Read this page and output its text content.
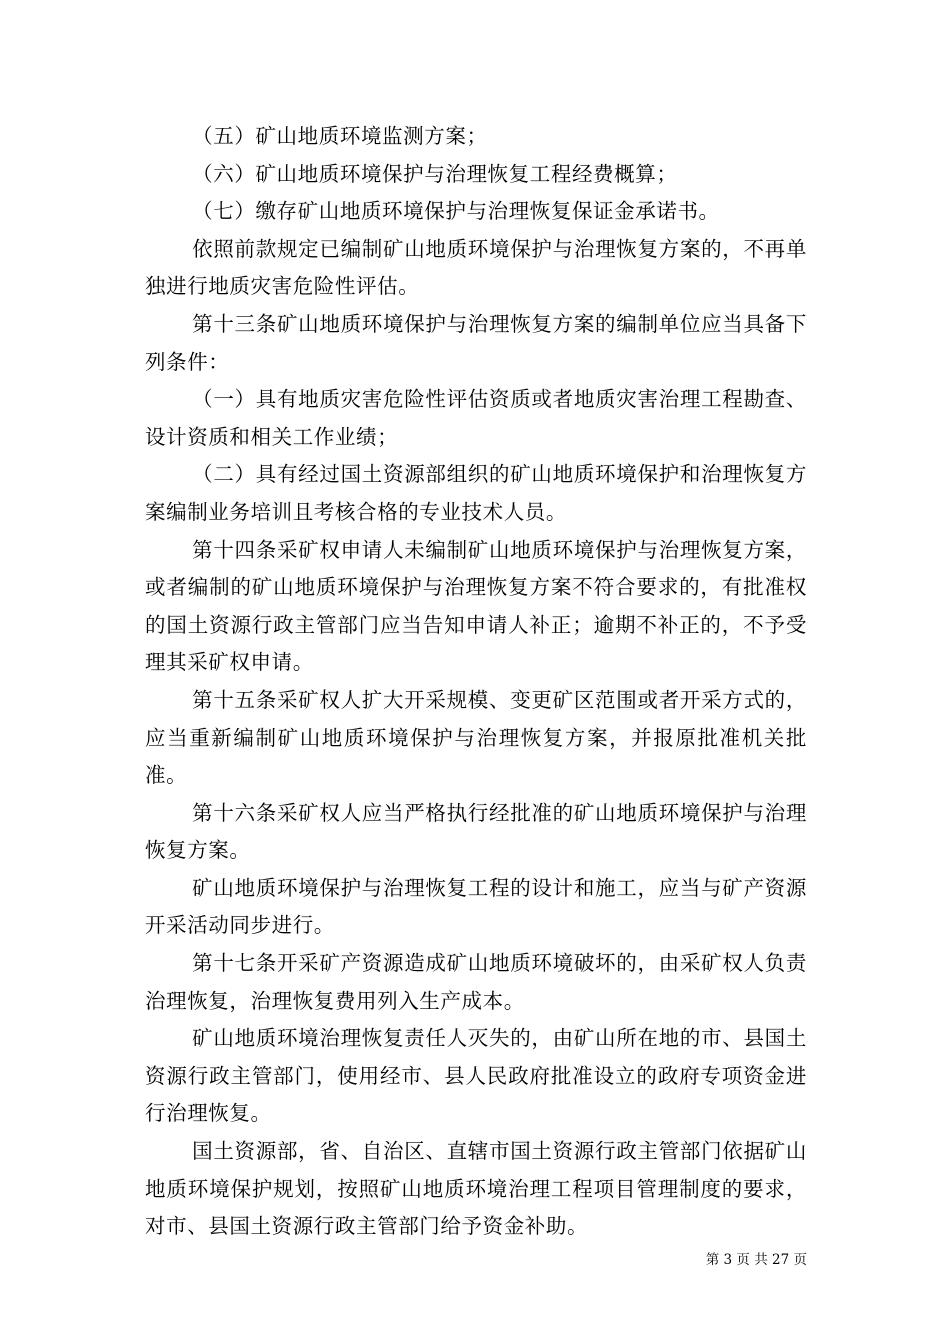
（五）矿山地质环境监测方案；

（六）矿山地质环境保护与治理恢复工程经费概算；

（七）缴存矿山地质环境保护与治理恢复保证金承诺书。

依照前款规定已编制矿山地质环境保护与治理恢复方案的，不再单独进行地质灾害危险性评估。

第十三条矿山地质环境保护与治理恢复方案的编制单位应当具备下列条件：

（一）具有地质灾害危险性评估资质或者地质灾害治理工程勘查、设计资质和相关工作业绩；

（二）具有经过国土资源部组织的矿山地质环境保护和治理恢复方案编制业务培训且考核合格的专业技术人员。

第十四条采矿权申请人未编制矿山地质环境保护与治理恢复方案，或者编制的矿山地质环境保护与治理恢复方案不符合要求的，有批准权的国土资源行政主管部门应当告知申请人补正；逾期不补正的，不予受理其采矿权申请。

第十五条采矿权人扩大开采规模、变更矿区范围或者开采方式的，应当重新编制矿山地质环境保护与治理恢复方案，并报原批准机关批准。

第十六条采矿权人应当严格执行经批准的矿山地质环境保护与治理恢复方案。

矿山地质环境保护与治理恢复工程的设计和施工，应当与矿产资源开采活动同步进行。

第十七条开采矿产资源造成矿山地质环境破坏的，由采矿权人负责治理恢复，治理恢复费用列入生产成本。

矿山地质环境治理恢复责任人灭失的，由矿山所在地的市、县国土资源行政主管部门，使用经市、县人民政府批准设立的政府专项资金进行治理恢复。

国土资源部，省、自治区、直辖市国土资源行政主管部门依据矿山地质环境保护规划，按照矿山地质环境治理工程项目管理制度的要求，对市、县国土资源行政主管部门给予资金补助。

第 3 页 共 27 页
